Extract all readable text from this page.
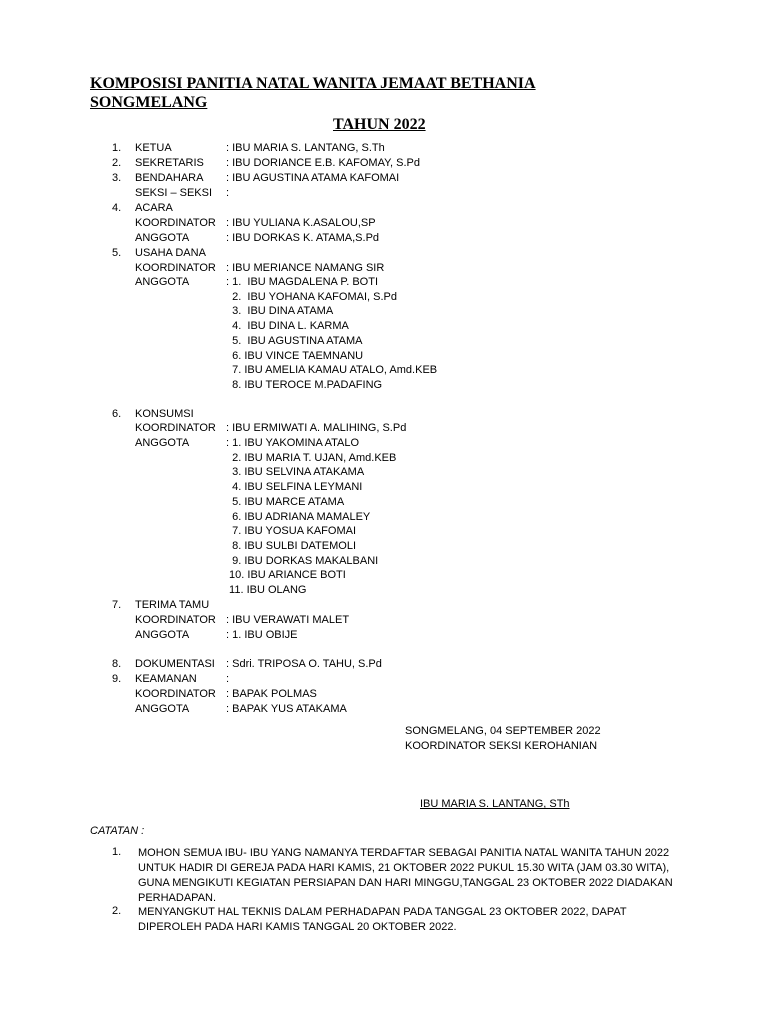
KOMPOSISI PANITIA NATAL WANITA JEMAAT BETHANIA SONGMELANG
TAHUN 2022
1. KETUA	: IBU MARIA S. LANTANG, S.Th
2. SEKRETARIS : IBU DORIANCE E.B. KAFOMAY, S.Pd
3. BENDAHARA : IBU AGUSTINA ATAMA KAFOMAI
SEKSI – SEKSI :
4. ACARA
KOORDINATOR : IBU YULIANA K.ASALOU,SP
ANGGOTA	: IBU DORKAS K. ATAMA,S.Pd
5. USAHA DANA
KOORDINATOR : IBU MERIANCE NAMANG SIR
ANGGOTA	: 1.  IBU MAGDALENA P. BOTI
2.  IBU YOHANA KAFOMAI, S.Pd
3.  IBU DINA ATAMA
4.  IBU DINA L. KARMA
5.  IBU AGUSTINA ATAMA
6. IBU VINCE TAEMNANU
7. IBU AMELIA KAMAU ATALO, Amd.KEB
8. IBU TEROCE M.PADAFING
6. KONSUMSI
KOORDINATOR : IBU ERMIWATI A. MALIHING, S.Pd
ANGGOTA	: 1. IBU YAKOMINA ATALO
2. IBU MARIA T. UJAN, Amd.KEB
3. IBU SELVINA ATAKAMA
4. IBU SELFINA LEYMANI
5. IBU MARCE ATAMA
6. IBU ADRIANA MAMALEY
7. IBU YOSUA KAFOMAI
8. IBU SULBI DATEMOLI
9. IBU DORKAS MAKALBANI
10. IBU ARIANCE BOTI
11. IBU OLANG
7. TERIMA TAMU
KOORDINATOR : IBU VERAWATI MALET
ANGGOTA	: 1. IBU OBIJE
8. DOKUMENTASI : Sdri. TRIPOSA O. TAHU, S.Pd
9. KEAMANAN	:
KOORDINATOR : BAPAK POLMAS
ANGGOTA	: BAPAK YUS ATAKAMA
SONGMELANG, 04 SEPTEMBER 2022
KOORDINATOR SEKSI KEROHANIAN
IBU MARIA S. LANTANG, STh
CATATAN :
1. MOHON SEMUA IBU- IBU YANG NAMANYA TERDAFTAR SEBAGAI PANITIA NATAL WANITA TAHUN 2022 UNTUK HADIR DI GEREJA PADA HARI KAMIS, 21 OKTOBER 2022 PUKUL 15.30 WITA (JAM 03.30 WITA), GUNA MENGIKUTI KEGIATAN PERSIAPAN DAN HARI MINGGU,TANGGAL 23 OKTOBER 2022 DIADAKAN PERHADAPAN.
2. MENYANGKUT HAL TEKNIS DALAM PERHADAPAN PADA TANGGAL 23 OKTOBER 2022, DAPAT DIPEROLEH PADA HARI KAMIS TANGGAL 20 OKTOBER 2022.
